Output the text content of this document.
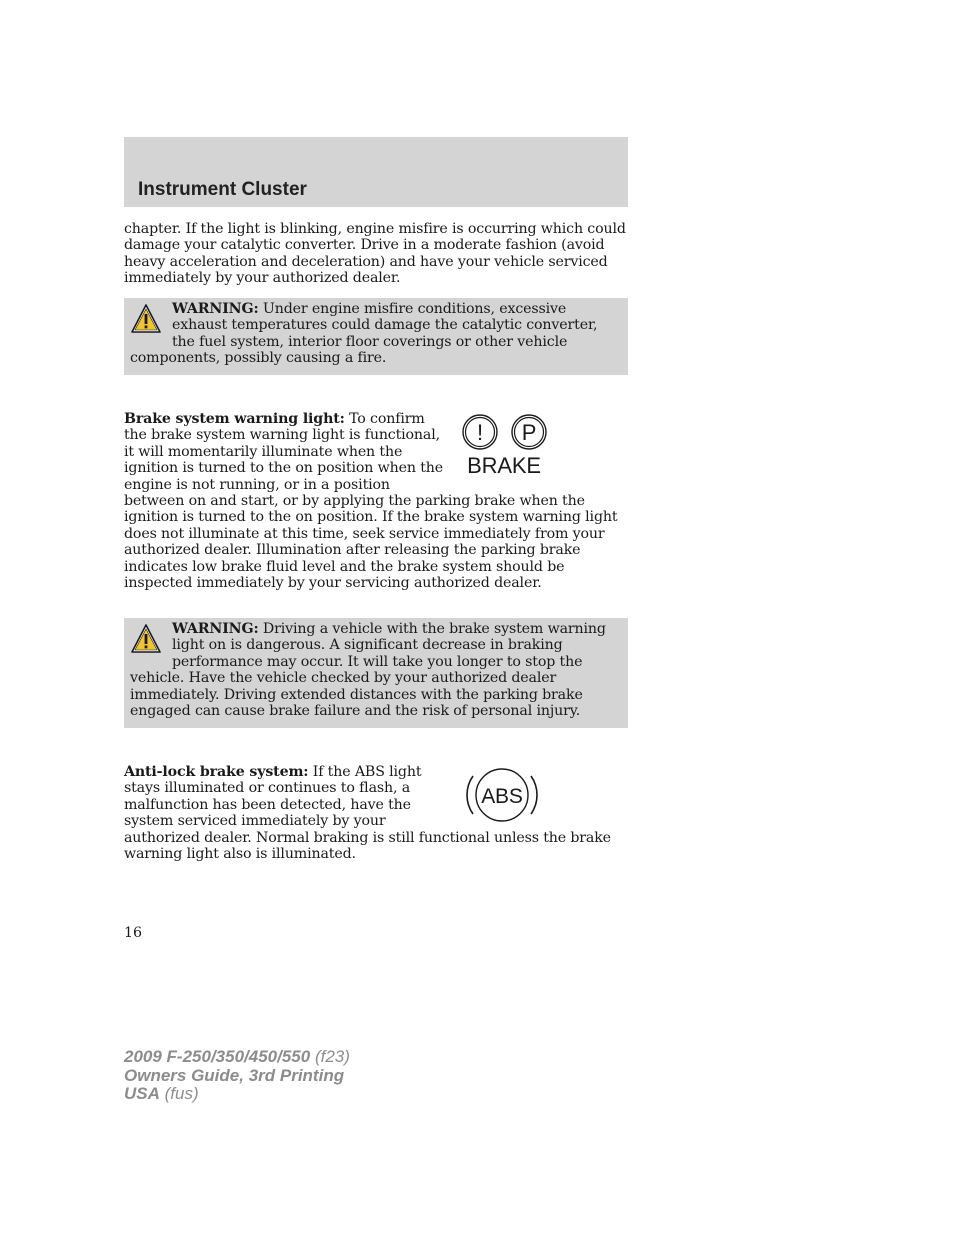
Instrument Cluster

chapter. If the light is blinking, engine misfire is occurring which could damage your catalytic converter. Drive in a moderate fashion (avoid heavy acceleration and deceleration) and have your vehicle serviced immediately by your authorized dealer.

WARNING: Under engine misfire conditions, excessive exhaust temperatures could damage the catalytic converter, the fuel system, interior floor coverings or other vehicle components, possibly causing a fire.

! P
BRAKE
Brake system warning light: To confirm the brake system warning light is functional, it will momentarily illuminate when the ignition is turned to the on position when the engine is not running, or in a position between on and start, or by applying the parking brake when the ignition is turned to the on position. If the brake system warning light does not illuminate at this time, seek service immediately from your authorized dealer. Illumination after releasing the parking brake indicates low brake fluid level and the brake system should be inspected immediately by your servicing authorized dealer.

WARNING: Driving a vehicle with the brake system warning light on is dangerous. A significant decrease in braking performance may occur. It will take you longer to stop the vehicle. Have the vehicle checked by your authorized dealer immediately. Driving extended distances with the parking brake engaged can cause brake failure and the risk of personal injury.

ABS
Anti-lock brake system: If the ABS light stays illuminated or continues to flash, a malfunction has been detected, have the system serviced immediately by your authorized dealer. Normal braking is still functional unless the brake warning light also is illuminated.
16
2009 F-250/350/450/550 (f23)
Owners Guide, 3rd Printing
USA (fus)
